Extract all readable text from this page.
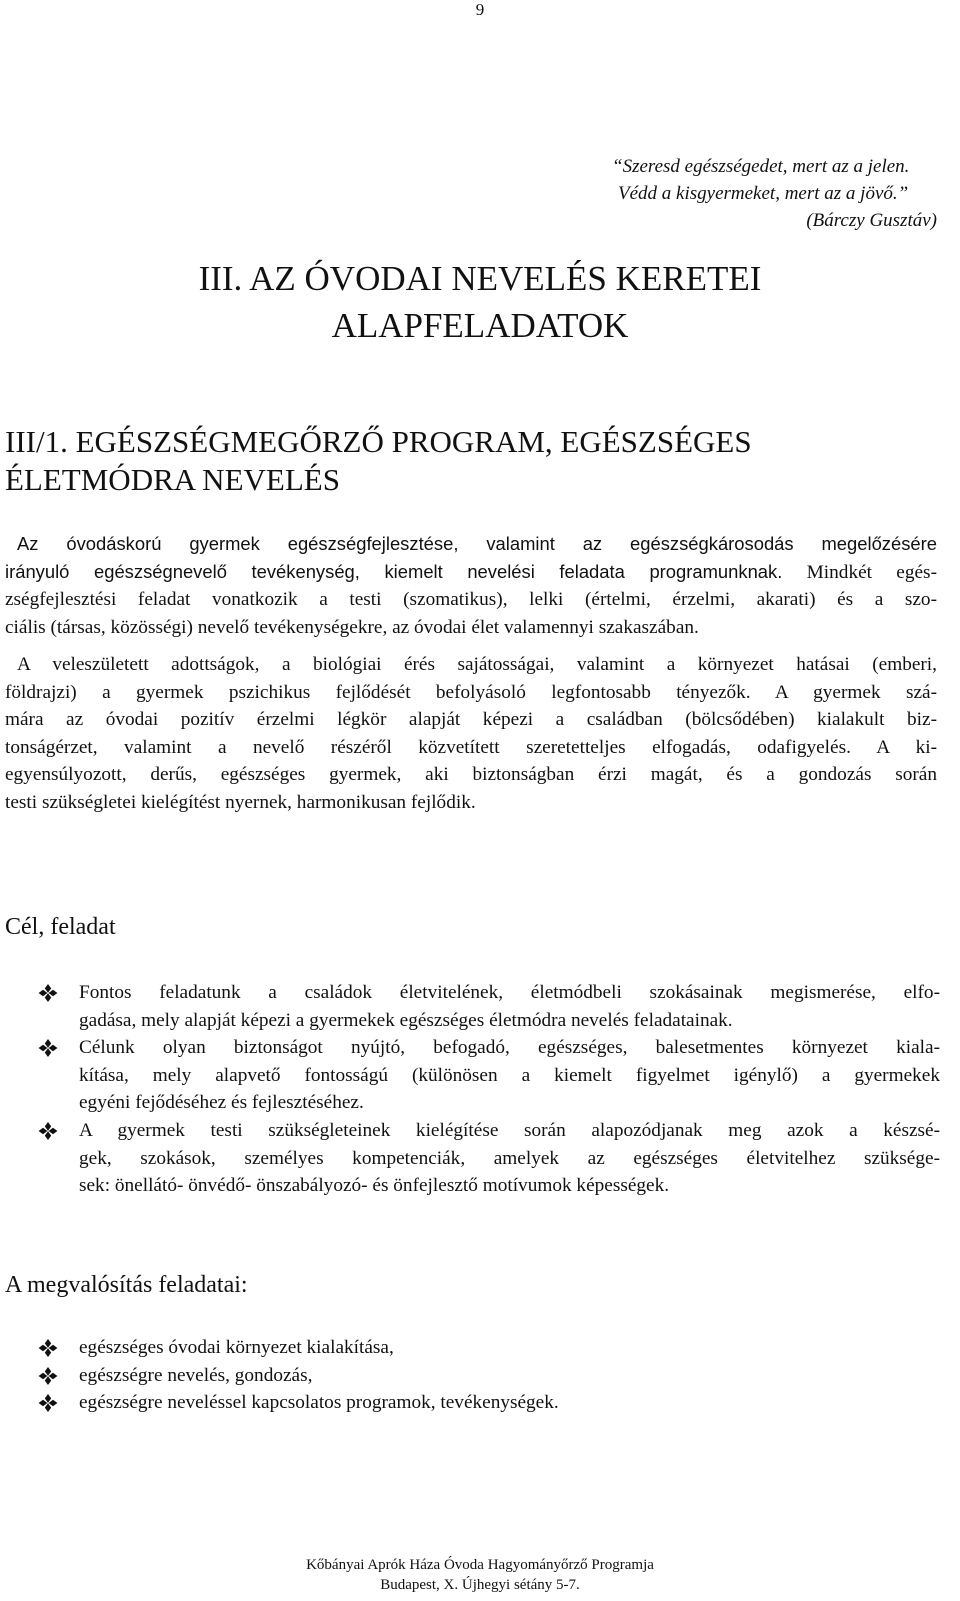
9
“Szeresd egészségedet, mert az a jelen.
Védd a kisgyermeket, mert az a jövő.”
(Bárczy Gusztáv)
III. AZ ÓVODAI NEVELÉS KERETEI
ALAPFELADATOK
III/1. EGÉSZSÉGMEGŐRZŐ PROGRAM, EGÉSZSÉGES
ÉLETMÓDRA NEVELÉS
Az óvodáskorú gyermek egészségfejlesztése, valamint az egészségkárosodás megelőzésére
irányuló egészségnevelő tevékenység, kiemelt nevelési feladata programunknak. Mindkét egés-
zségfejlesztési feladat vonatkozik a testi (szomatikus), lelki (értelmi, érzelmi, akarati) és a szo-
ciális (társas, közösségi) nevelő tevékenységekre, az óvodai élet valamennyi szakaszában.
A veleszületett adottságok, a biológiai érés sajátosságai, valamint a környezet hatásai (emberi,
földrajzi) a gyermek pszichikus fejlődését befolyásoló legfontosabb tényezők. A gyermek szá-
mára az óvodai pozitív érzelmi légkör alapját képezi a családban (bölcsődében) kialakult biz-
tonságérzet, valamint a nevelő részéről közvetített szeretetteljes elfogadás, odafigyelés. A ki-
egyensúlyozott, derűs, egészséges gyermek, aki biztonságban érzi magát, és a gondozás során
testi szükségletei kielégítést nyernek, harmonikusan fejlődik.
Cél, feladat
Fontos feladatunk a családok életvitelének, életmódbeli szokásainak megismerése, elfo-
gadása, mely alapját képezi a gyermekek egészséges életmódra nevelés feladatainak.
Célunk olyan biztonságot nyújtó, befogadó, egészséges, balesetmentes környezet kiala-
kítása, mely alapvető fontosságú (különösen a kiemelt figyelmet igénylő) a gyermekek
egyéni fejődéséhez és fejlesztéséhez.
A gyermek testi szükségleteinek kielégítése során alapozódjanak meg azok a készsé-
gek, szokások, személyes kompetenciák, amelyek az egészséges életvitelhez szüksége-
sek: önellátó- önvédő- önszabályozó- és önfejlesztő motívumok képességek.
A megvalósítás feladatai:
egészséges óvodai környezet kialakítása,
egészségre nevelés, gondozás,
egészségre neveléssel kapcsolatos programok, tevékenységek.
Kőbányai Aprók Háza Óvoda Hagyományőrző Programja
Budapest, X. Újhegyi sétány 5-7.
